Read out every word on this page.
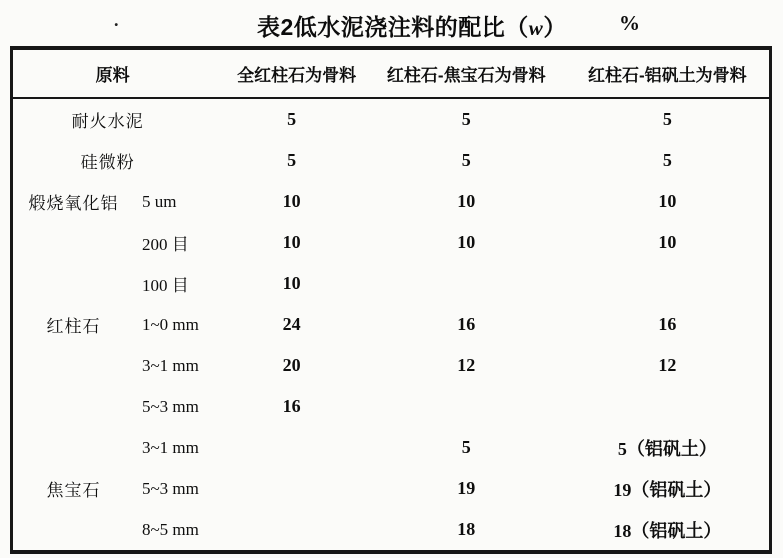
.	表2低水泥浇注料的配比（w） %
原料		全红柱石为骨料	红柱石-焦宝石为骨料	红柱石-铝矾土为骨料
耐火水泥		5	5	5
硅微粉		5	5	5
煅烧氧化铝	5 um	10	10	10
	200 目	10	10	10
	100 目	10		
红柱石	1~0 mm	24	16	16
	3~1 mm	20	12	12
	5~3 mm	16		
	3~1 mm		5	5（铝矾土）
焦宝石	5~3 mm		19	19（铝矾土）
	8~5 mm		18	18（铝矾土）
